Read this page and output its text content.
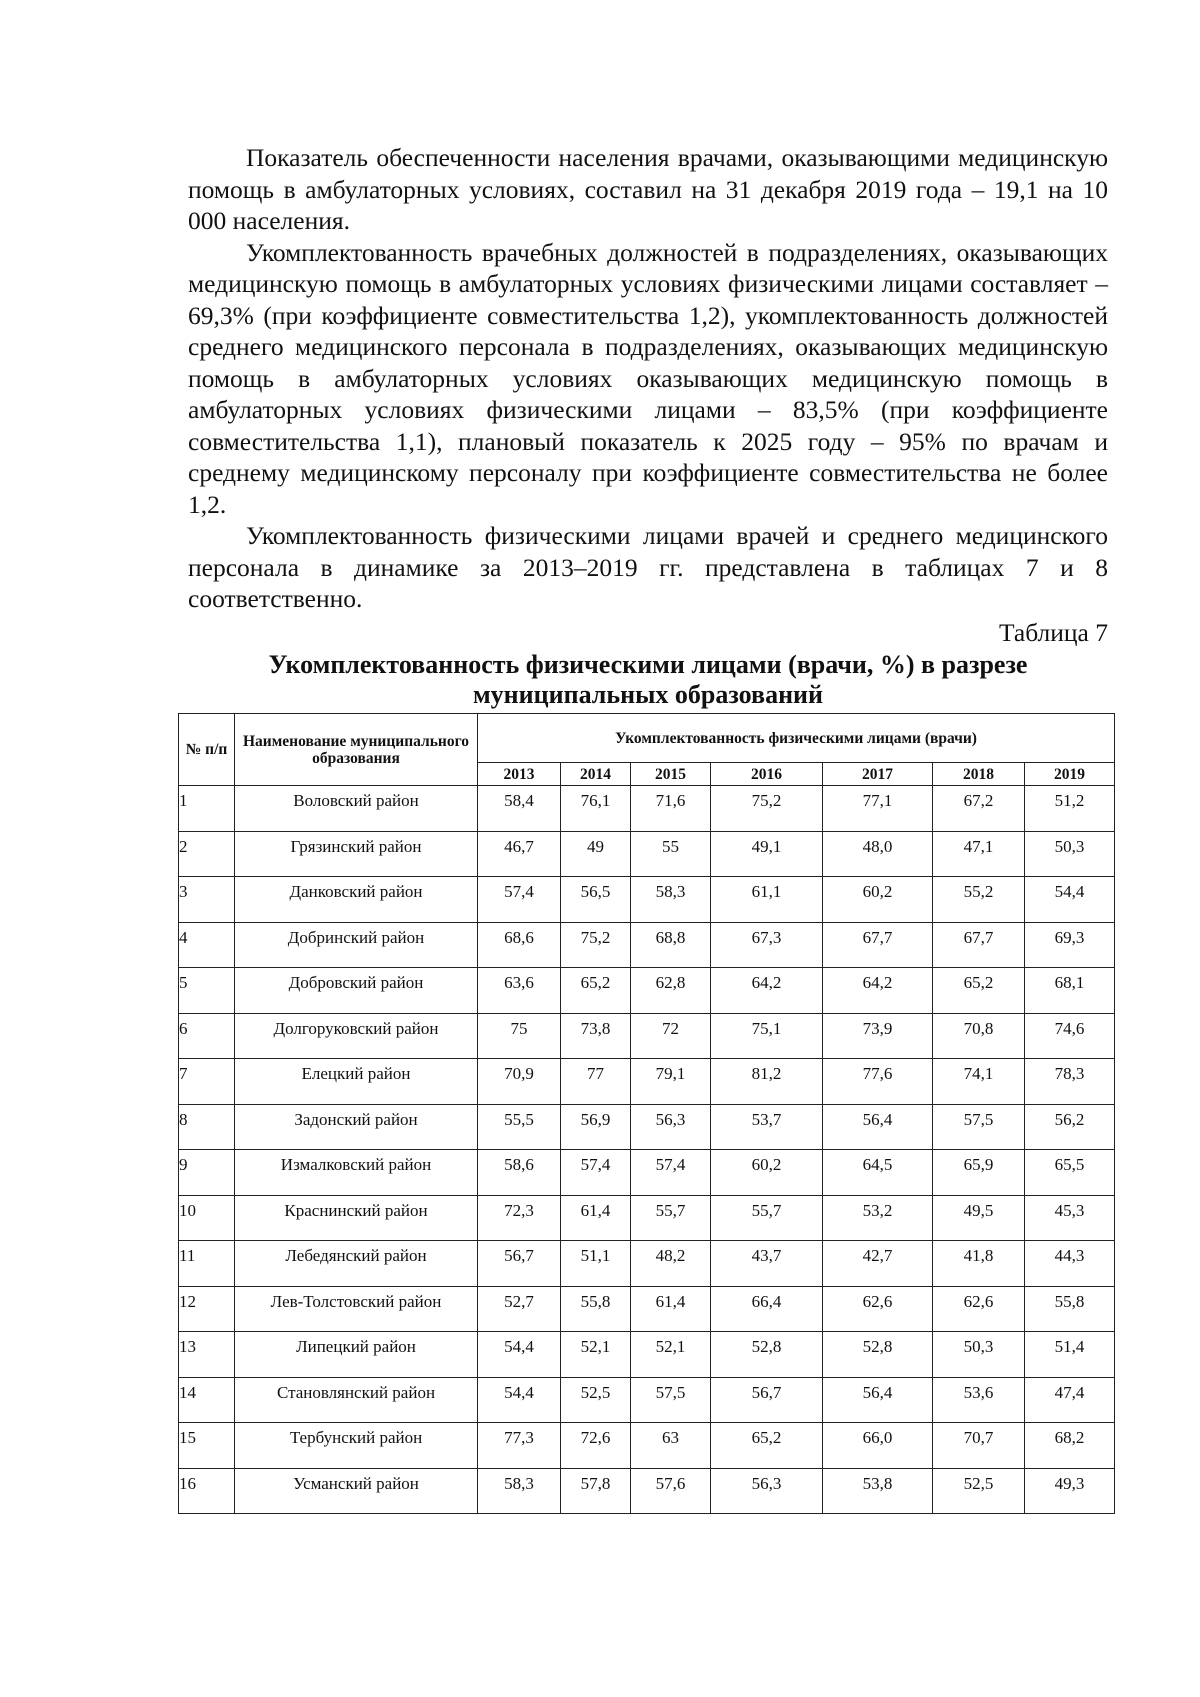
Показатель обеспеченности населения врачами, оказывающими медицинскую помощь в амбулаторных условиях, составил на 31 декабря 2019 года – 19,1 на 10 000 населения.

Укомплектованность врачебных должностей в подразделениях, оказывающих медицинскую помощь в амбулаторных условиях физическими лицами составляет – 69,3% (при коэффициенте совместительства 1,2), укомплектованность должностей среднего медицинского персонала в подразделениях, оказывающих медицинскую помощь в амбулаторных условиях оказывающих медицинскую помощь в амбулаторных условиях физическими лицами – 83,5% (при коэффициенте совместительства 1,1), плановый показатель к 2025 году – 95% по врачам и среднему медицинскому персоналу при коэффициенте совместительства не более 1,2.

Укомплектованность физическими лицами врачей и среднего медицинского персонала в динамике за 2013–2019 гг. представлена в таблицах 7 и 8 соответственно.

Таблица 7

Укомплектованность физическими лицами (врачи, %) в разрезе муниципальных образований
№ п/п	Наименование муниципального образования	Укомплектованность физическими лицами (врачи)						
		2013	2014	2015	2016	2017	2018	2019
1	Воловский район	58,4	76,1	71,6	75,2	77,1	67,2	51,2
2	Грязинский район	46,7	49	55	49,1	48,0	47,1	50,3
3	Данковский район	57,4	56,5	58,3	61,1	60,2	55,2	54,4
4	Добринский район	68,6	75,2	68,8	67,3	67,7	67,7	69,3
5	Добровский район	63,6	65,2	62,8	64,2	64,2	65,2	68,1
6	Долгоруковский район	75	73,8	72	75,1	73,9	70,8	74,6
7	Елецкий район	70,9	77	79,1	81,2	77,6	74,1	78,3
8	Задонский район	55,5	56,9	56,3	53,7	56,4	57,5	56,2
9	Измалковский район	58,6	57,4	57,4	60,2	64,5	65,9	65,5
10	Краснинский район	72,3	61,4	55,7	55,7	53,2	49,5	45,3
11	Лебедянский район	56,7	51,1	48,2	43,7	42,7	41,8	44,3
12	Лев-Толстовский район	52,7	55,8	61,4	66,4	62,6	62,6	55,8
13	Липецкий район	54,4	52,1	52,1	52,8	52,8	50,3	51,4
14	Становлянский район	54,4	52,5	57,5	56,7	56,4	53,6	47,4
15	Тербунский район	77,3	72,6	63	65,2	66,0	70,7	68,2
16	Усманский район	58,3	57,8	57,6	56,3	53,8	52,5	49,3
